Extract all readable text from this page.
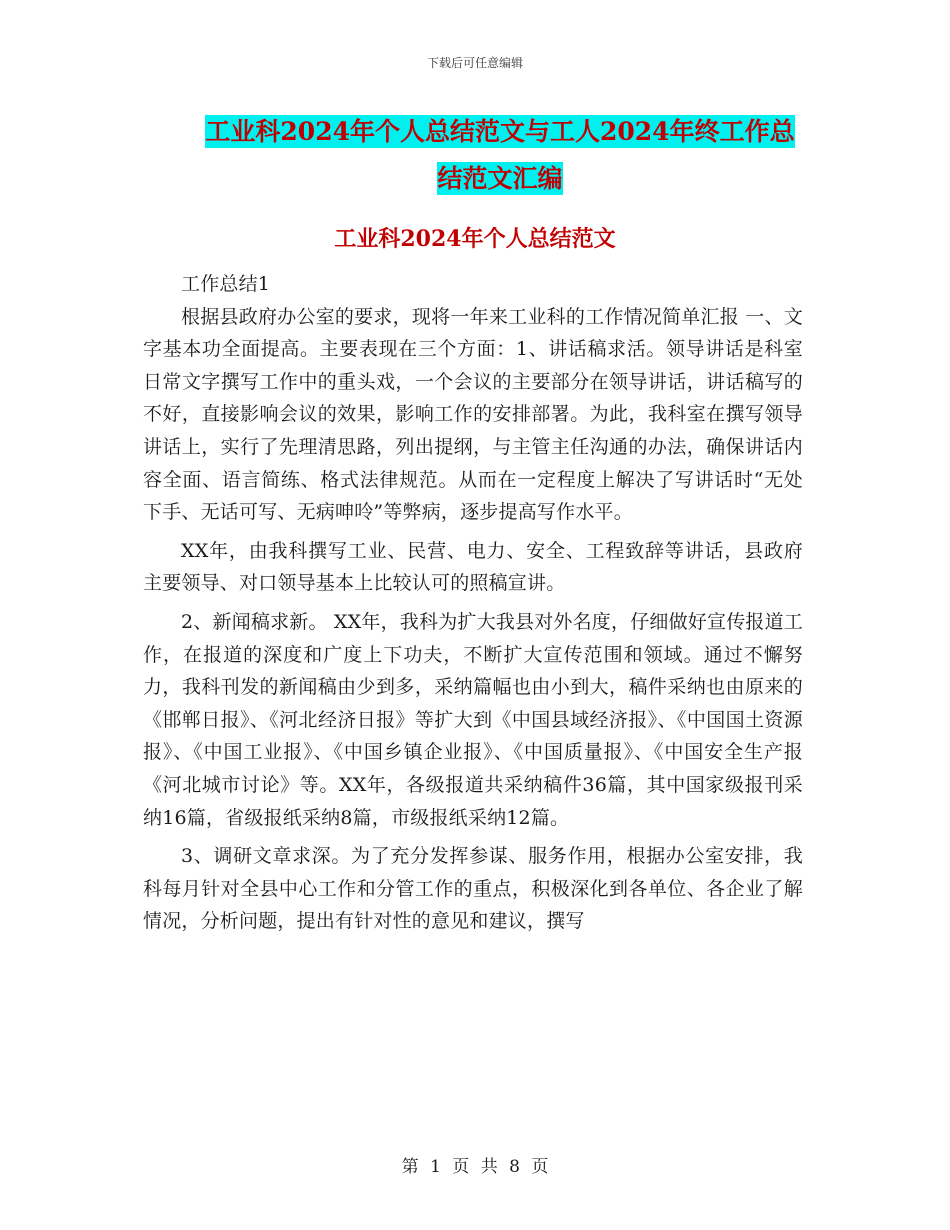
下载后可任意编辑
工业科2024年个人总结范文与工人2024年终工作总
结范文汇编
工业科2024年个人总结范文

工作总结1

根据县政府办公室的要求，现将一年来工业科的工作情况简单汇报 一、文字基本功全面提高。主要表现在三个方面：1、讲话稿求活。领导讲话是科室日常文字撰写工作中的重头戏，一个会议的主要部分在领导讲话，讲话稿写的不好，直接影响会议的效果，影响工作的安排部署。为此，我科室在撰写领导讲话上，实行了先理清思路，列出提纲，与主管主任沟通的办法，确保讲话内容全面、语言简练、格式法律规范。从而在一定程度上解决了写讲话时“无处下手、无话可写、无病呻呤”等弊病，逐步提高写作水平。

XX年，由我科撰写工业、民营、电力、安全、工程致辞等讲话，县政府主要领导、对口领导基本上比较认可的照稿宣讲。

2、新闻稿求新。 XX年，我科为扩大我县对外名度，仔细做好宣传报道工作，在报道的深度和广度上下功夫，不断扩大宣传范围和领域。通过不懈努力，我科刊发的新闻稿由少到多，采纳篇幅也由小到大，稿件采纳也由原来的《邯郸日报》、《河北经济日报》等扩大到《中国县域经济报》、《中国国土资源报》、《中国工业报》、《中国乡镇企业报》、《中国质量报》、《中国安全生产报《河北城市讨论》等。XX年，各级报道共采纳稿件36篇，其中国家级报刊采纳16篇，省级报纸采纳8篇，市级报纸采纳12篇。

3、调研文章求深。为了充分发挥参谋、服务作用，根据办公室安排，我科每月针对全县中心工作和分管工作的重点，积极深化到各单位、各企业了解情况，分析问题，提出有针对性的意见和建议，撰写

第 1 页 共 8 页
